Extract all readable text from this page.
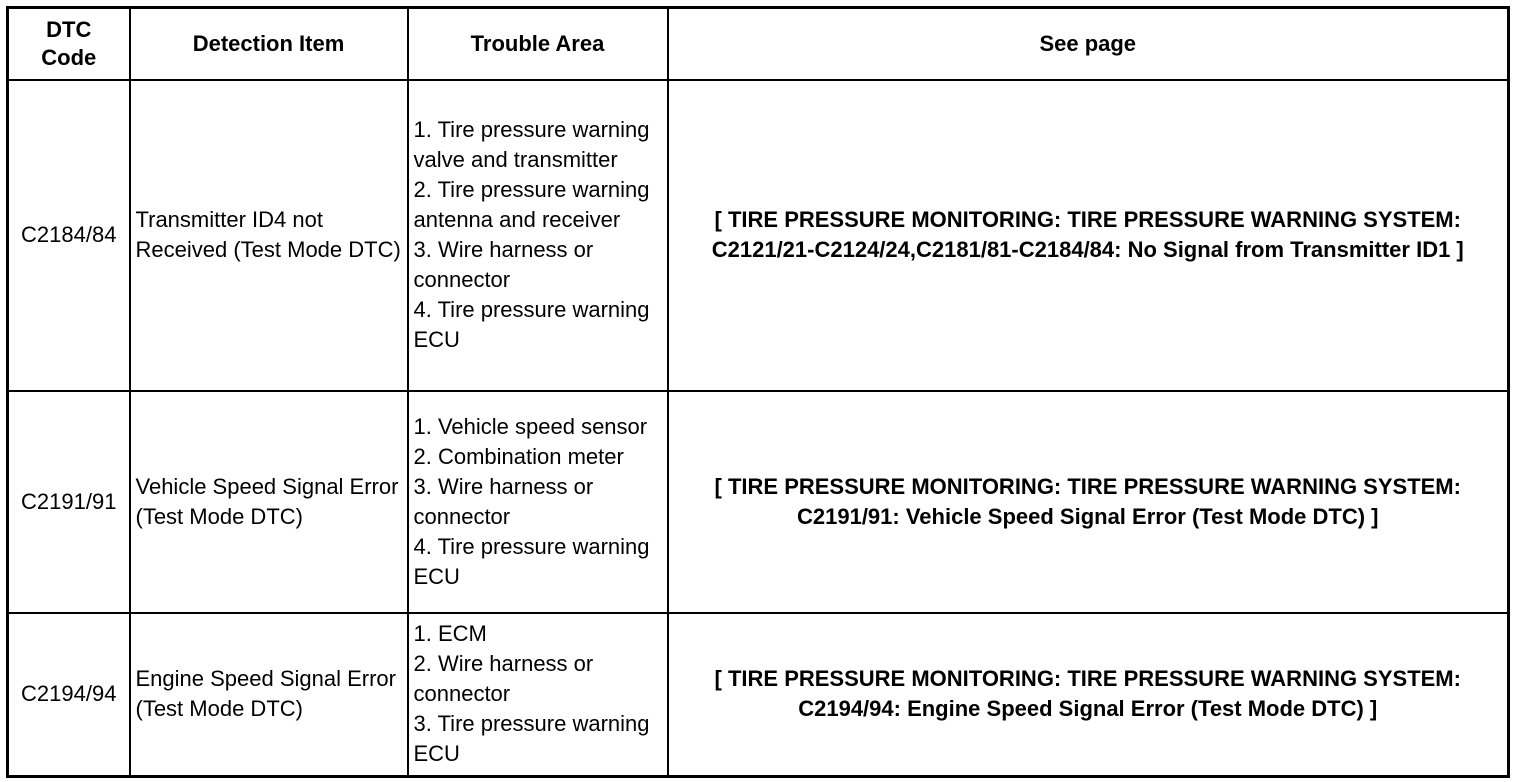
DTC
Code	Detection Item	Trouble Area	See page
C2184/84	Transmitter ID4 not Received (Test Mode DTC)	1. Tire pressure warning valve and transmitter
2. Tire pressure warning antenna and receiver
3. Wire harness or connector
4. Tire pressure warning ECU	[ TIRE PRESSURE MONITORING: TIRE PRESSURE WARNING SYSTEM: C2121/21-C2124/24,C2181/81-C2184/84: No Signal from Transmitter ID1 ]
C2191/91	Vehicle Speed Signal Error (Test Mode DTC)	1. Vehicle speed sensor
2. Combination meter
3. Wire harness or connector
4. Tire pressure warning ECU	[ TIRE PRESSURE MONITORING: TIRE PRESSURE WARNING SYSTEM: C2191/91: Vehicle Speed Signal Error (Test Mode DTC) ]
C2194/94	Engine Speed Signal Error (Test Mode DTC)	1. ECM
2. Wire harness or connector
3. Tire pressure warning ECU	[ TIRE PRESSURE MONITORING: TIRE PRESSURE WARNING SYSTEM: C2194/94: Engine Speed Signal Error (Test Mode DTC) ]
